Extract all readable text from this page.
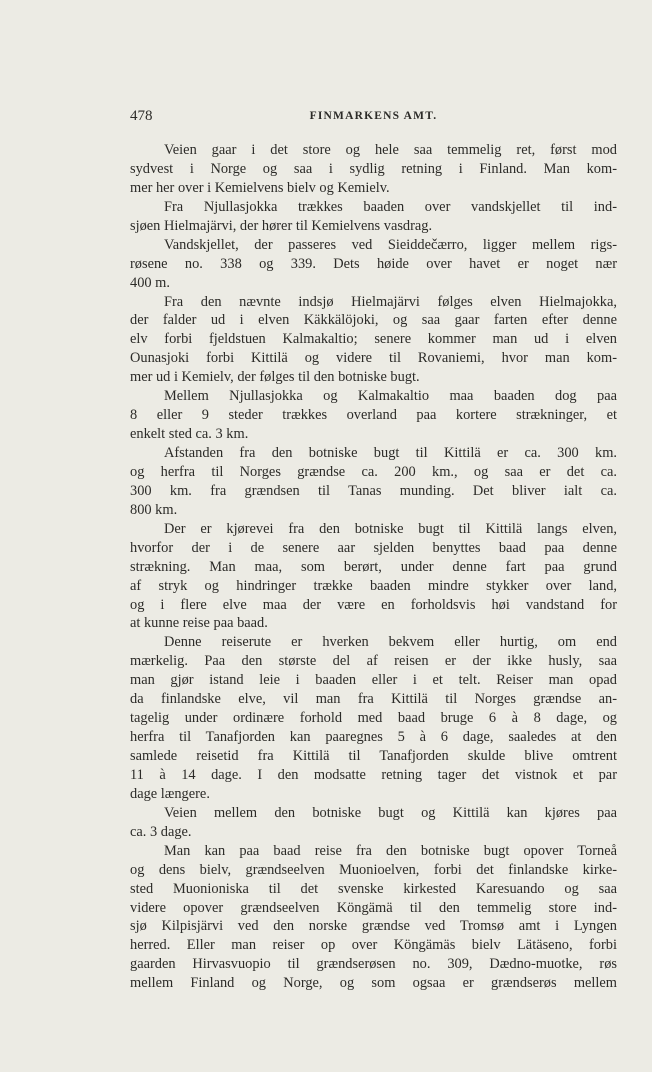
478	FINMARKENS AMT.
Veien gaar i det store og hele saa temmelig ret, først mod
sydvest i Norge og saa i sydlig retning i Finland. Man kom-
mer her over i Kemielvens bielv og Kemielv.
Fra Njullasjokka trækkes baaden over vandskjellet til ind-
sjøen Hielmajärvi, der hører til Kemielvens vasdrag.
Vandskjellet, der passeres ved Sieiddečærro, ligger mellem rigs-
røsene no. 338 og 339. Dets høide over havet er noget nær
400 m.
Fra den nævnte indsjø Hielmajärvi følges elven Hielmajokka,
der falder ud i elven Käkkälöjoki, og saa gaar farten efter denne
elv forbi fjeldstuen Kalmakaltio; senere kommer man ud i elven
Ounasjoki forbi Kittilä og videre til Rovaniemi, hvor man kom-
mer ud i Kemielv, der følges til den botniske bugt.
Mellem Njullasjokka og Kalmakaltio maa baaden dog paa
8 eller 9 steder trækkes overland paa kortere strækninger, et
enkelt sted ca. 3 km.
Afstanden fra den botniske bugt til Kittilä er ca. 300 km.
og herfra til Norges grændse ca. 200 km., og saa er det ca.
300 km. fra grændsen til Tanas munding. Det bliver ialt ca.
800 km.
Der er kjørevei fra den botniske bugt til Kittilä langs elven,
hvorfor der i de senere aar sjelden benyttes baad paa denne
strækning. Man maa, som berørt, under denne fart paa grund
af stryk og hindringer trække baaden mindre stykker over land,
og i flere elve maa der være en forholdsvis høi vandstand for
at kunne reise paa baad.
Denne reiserute er hverken bekvem eller hurtig, om end
mærkelig. Paa den største del af reisen er der ikke husly, saa
man gjør istand leie i baaden eller i et telt. Reiser man opad
da finlandske elve, vil man fra Kittilä til Norges grændse an-
tagelig under ordinære forhold med baad bruge 6 à 8 dage, og
herfra til Tanafjorden kan paaregnes 5 à 6 dage, saaledes at den
samlede reisetid fra Kittilä til Tanafjorden skulde blive omtrent
11 à 14 dage. I den modsatte retning tager det vistnok et par
dage længere.
Veien mellem den botniske bugt og Kittilä kan kjøres paa
ca. 3 dage.
Man kan paa baad reise fra den botniske bugt opover Torneå
og dens bielv, grændseelven Muonioelven, forbi det finlandske kirke-
sted Muonioniska til det svenske kirkested Karesuando og saa
videre opover grændseelven Köngämä til den temmelig store ind-
sjø Kilpisjärvi ved den norske grændse ved Tromsø amt i Lyngen
herred. Eller man reiser op over Köngämäs bielv Lätäseno, forbi
gaarden Hirvasvuopio til grændserøsen no. 309, Dædno-muotke, røs
mellem Finland og Norge, og som ogsaa er grændserøs mellem
